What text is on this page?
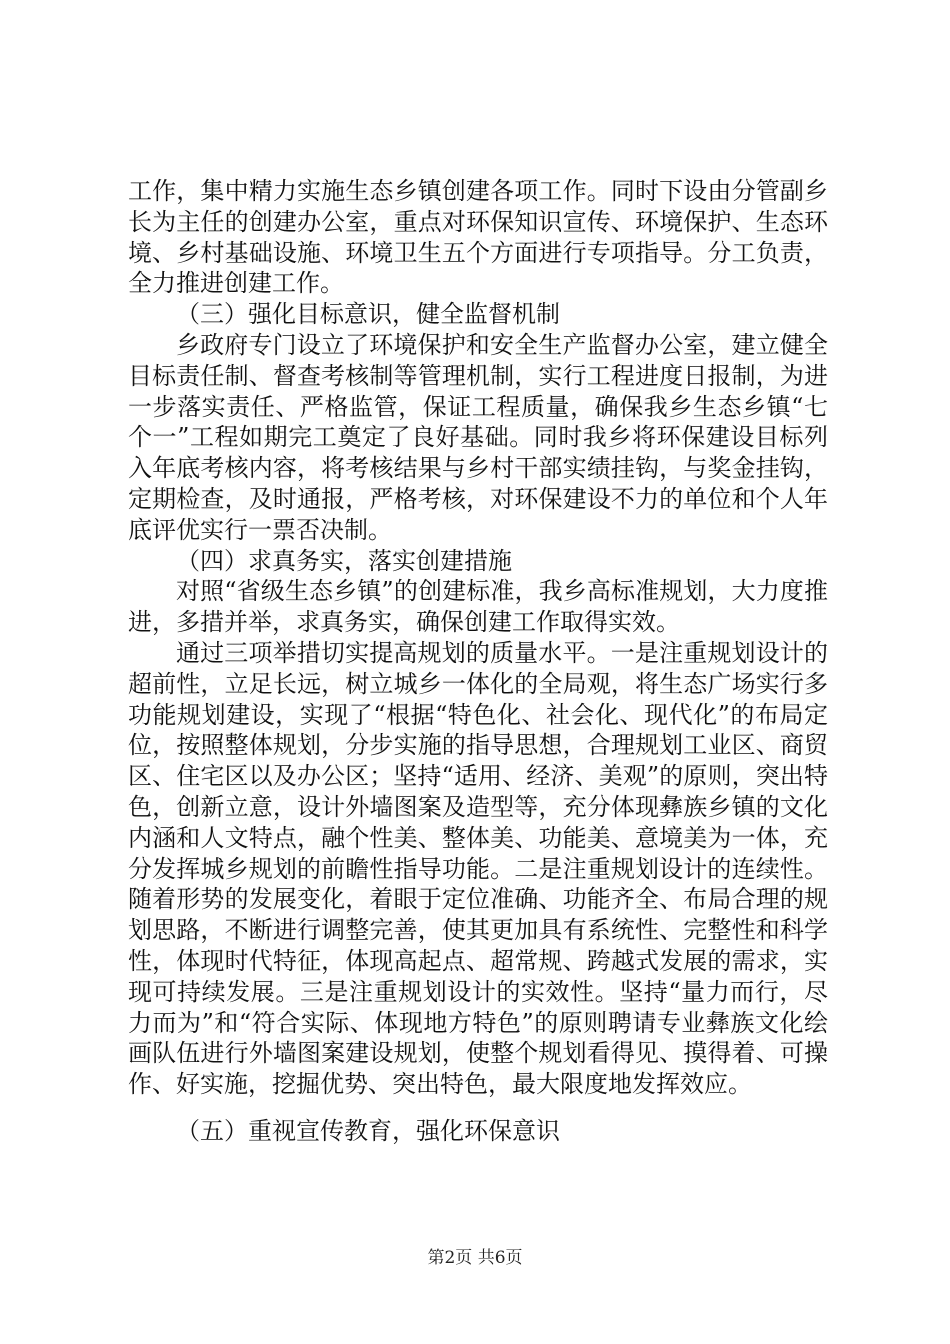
工作，集中精力实施生态乡镇创建各项工作。同时下设由分管副乡长为主任的创建办公室，重点对环保知识宣传、环境保护、生态环境、乡村基础设施、环境卫生五个方面进行专项指导。分工负责，全力推进创建工作。

（三）强化目标意识，健全监督机制

乡政府专门设立了环境保护和安全生产监督办公室，建立健全目标责任制、督查考核制等管理机制，实行工程进度日报制，为进一步落实责任、严格监管，保证工程质量，确保我乡生态乡镇“七个一”工程如期完工奠定了良好基础。同时我乡将环保建设目标列入年底考核内容，将考核结果与乡村干部实绩挂钩，与奖金挂钩，定期检查，及时通报，严格考核，对环保建设不力的单位和个人年底评优实行一票否决制。

（四）求真务实，落实创建措施

对照“省级生态乡镇”的创建标准，我乡高标准规划，大力度推进，多措并举，求真务实，确保创建工作取得实效。

通过三项举措切实提高规划的质量水平。一是注重规划设计的超前性，立足长远，树立城乡一体化的全局观，将生态广场实行多功能规划建设，实现了“根据“特色化、社会化、现代化”的布局定位，按照整体规划，分步实施的指导思想，合理规划工业区、商贸区、住宅区以及办公区；坚持“适用、经济、美观”的原则，突出特色，创新立意，设计外墙图案及造型等，充分体现彝族乡镇的文化内涵和人文特点，融个性美、整体美、功能美、意境美为一体，充分发挥城乡规划的前瞻性指导功能。二是注重规划设计的连续性。随着形势的发展变化，着眼于定位准确、功能齐全、布局合理的规划思路，不断进行调整完善，使其更加具有系统性、完整性和科学性，体现时代特征，体现高起点、超常规、跨越式发展的需求，实现可持续发展。三是注重规划设计的实效性。坚持“量力而行，尽力而为”和“符合实际、体现地方特色”的原则聘请专业彝族文化绘画队伍进行外墙图案建设规划，使整个规划看得见、摸得着、可操作、好实施，挖掘优势、突出特色，最大限度地发挥效应。

（五）重视宣传教育，强化环保意识

第2页 共6页
